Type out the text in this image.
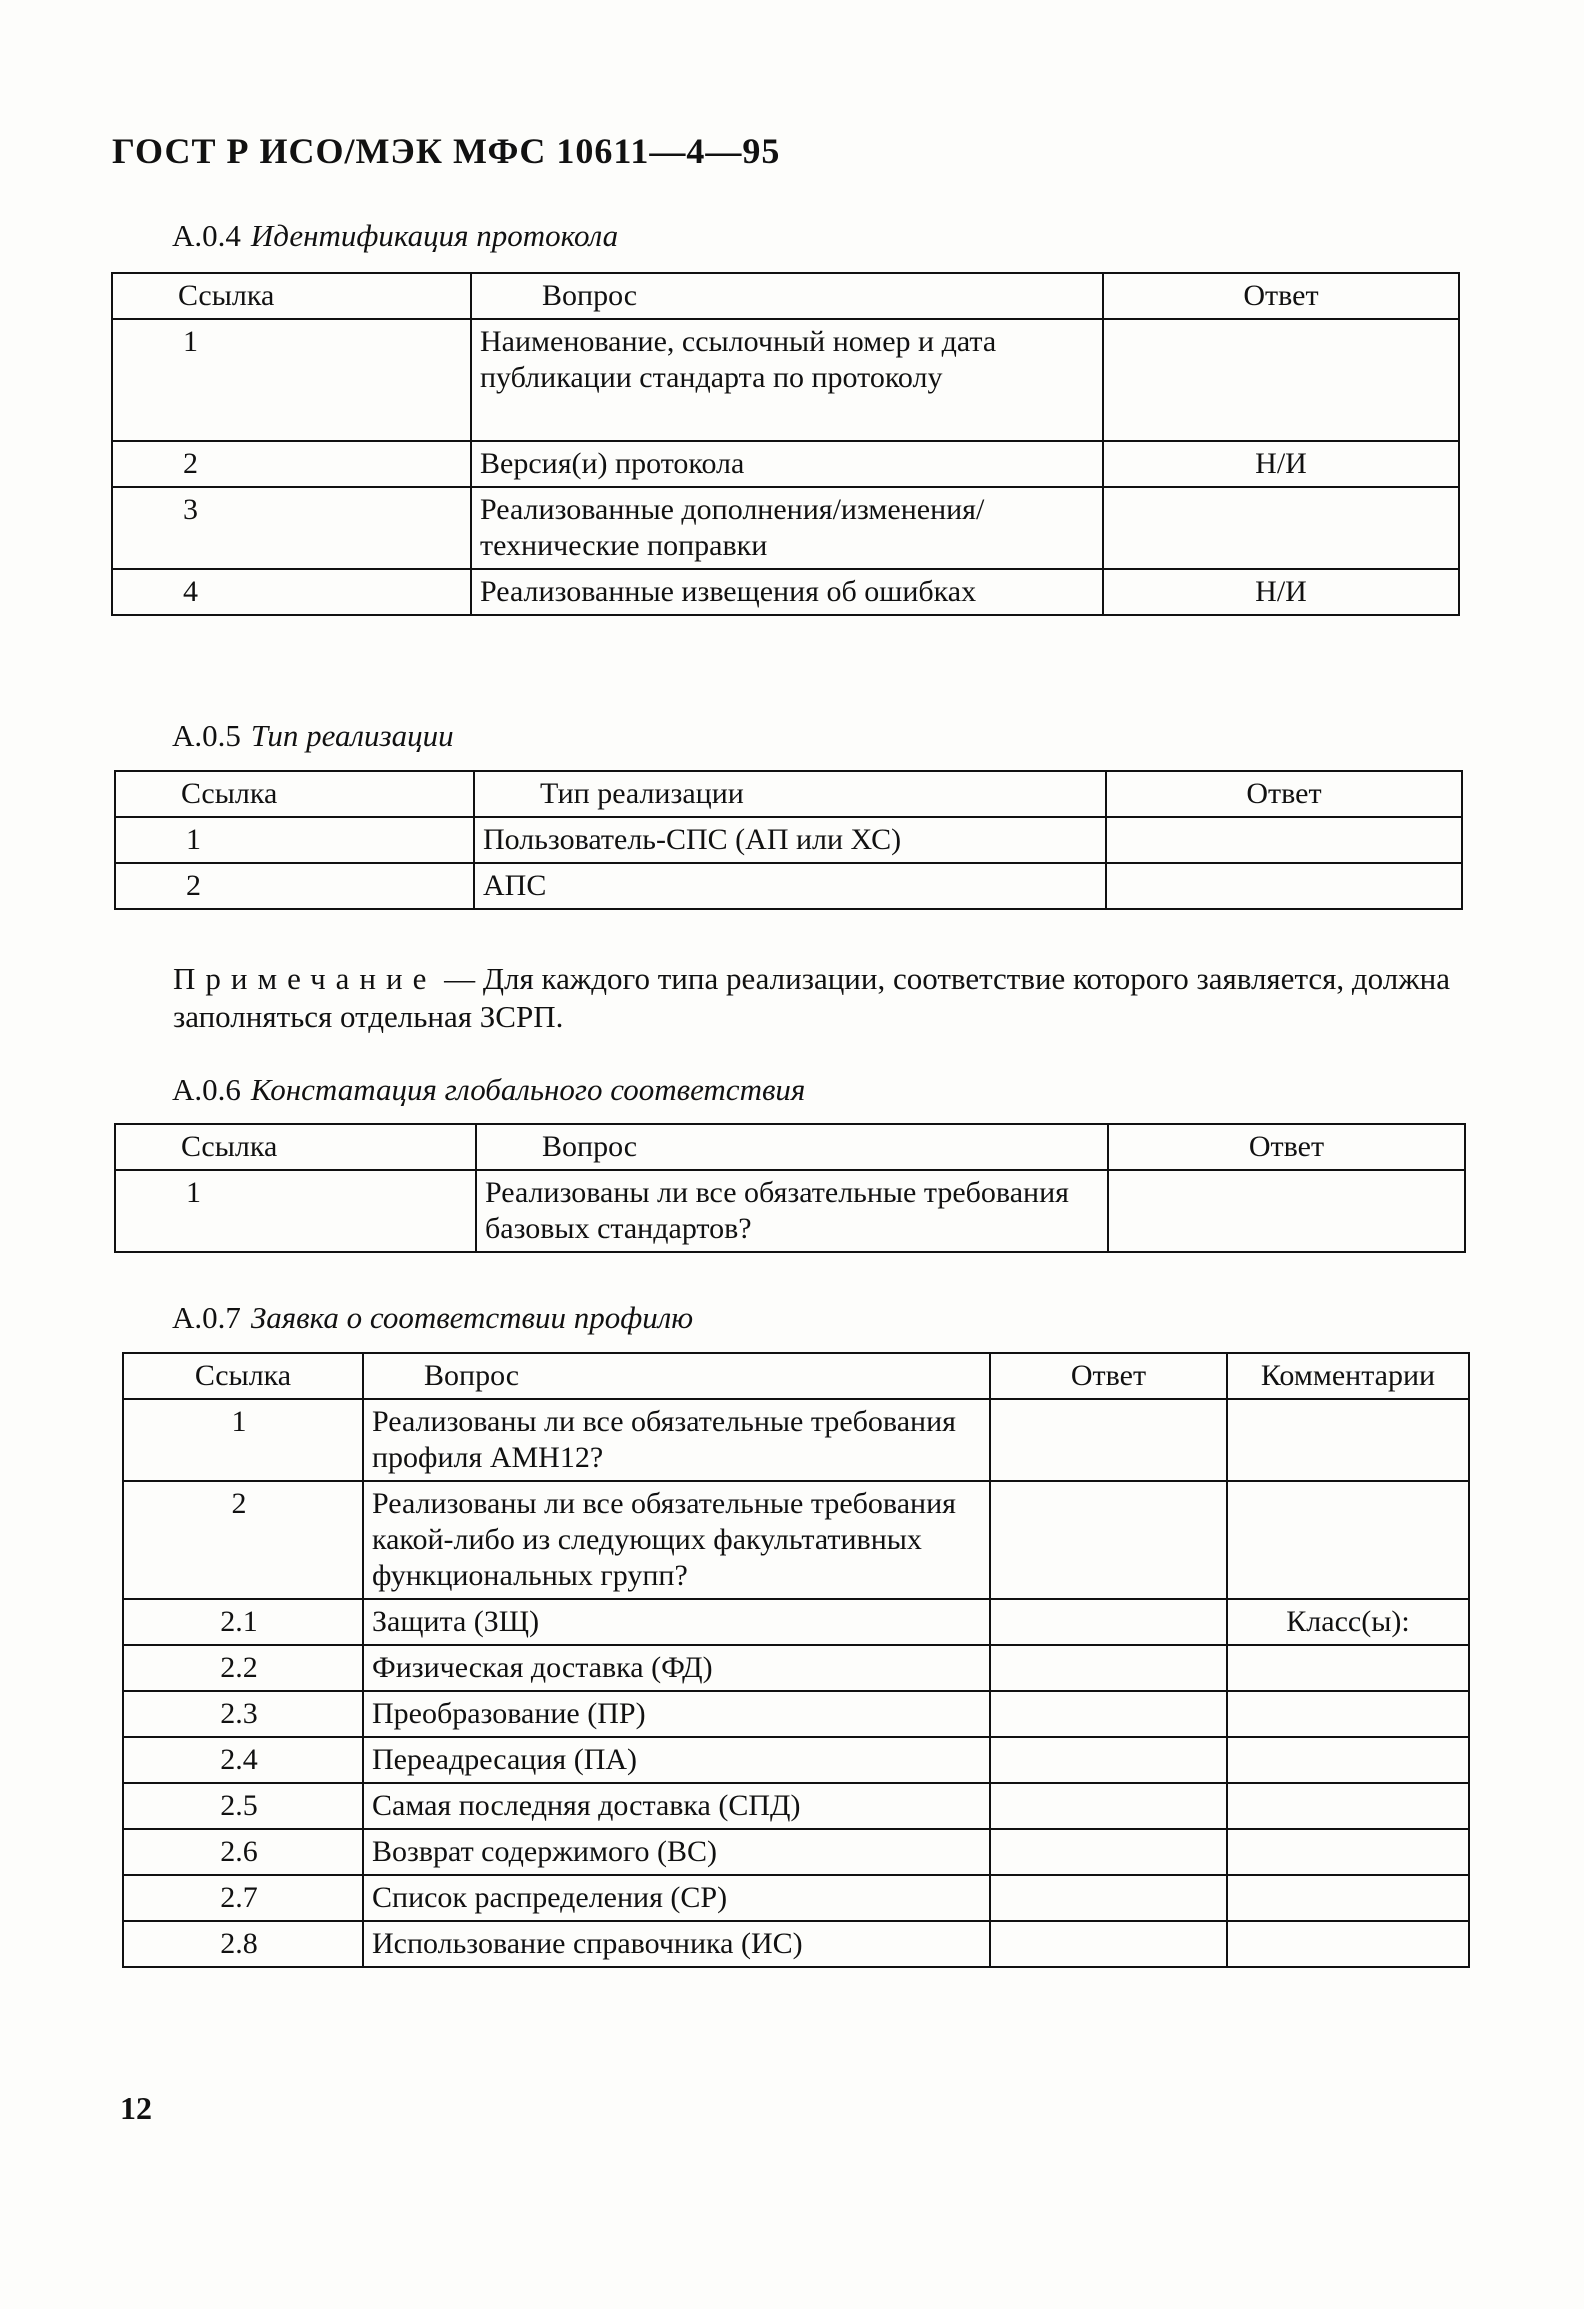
ГОСТ Р ИСО/МЭК МФС 10611—4—95
А.0.4 Идентификация протокола
Ссылка	Вопрос	Ответ
1	Наименование, ссылочный номер и дата публикации стандарта по протоколу	
2	Версия(и) протокола	Н/И
3	Реализованные дополнения/изменения/технические поправки	
4	Реализованные извещения об ошибках	Н/И
А.0.5 Тип реализации
Ссылка	Тип реализации	Ответ
1	Пользователь-СПС (АП или ХС)	
2	АПС	
Примечание — Для каждого типа реализации, соответствие которого заявляется, должна заполняться отдельная ЗСРП.
А.0.6 Констатация глобального соответствия
Ссылка	Вопрос	Ответ
1	Реализованы ли все обязательные требования базовых стандартов?	
А.0.7 Заявка о соответствии профилю
Ссылка	Вопрос	Ответ	Комментарии
1	Реализованы ли все обязательные требования профиля АМН12?		
2	Реализованы ли все обязательные требования какой-либо из следующих факультативных функциональных групп?		
2.1	Защита (ЗЩ)		Класс(ы):
2.2	Физическая доставка (ФД)		
2.3	Преобразование (ПР)		
2.4	Переадресация (ПА)		
2.5	Самая последняя доставка (СПД)		
2.6	Возврат содержимого (ВС)		
2.7	Список распределения (СР)		
2.8	Использование справочника (ИС)		
12
